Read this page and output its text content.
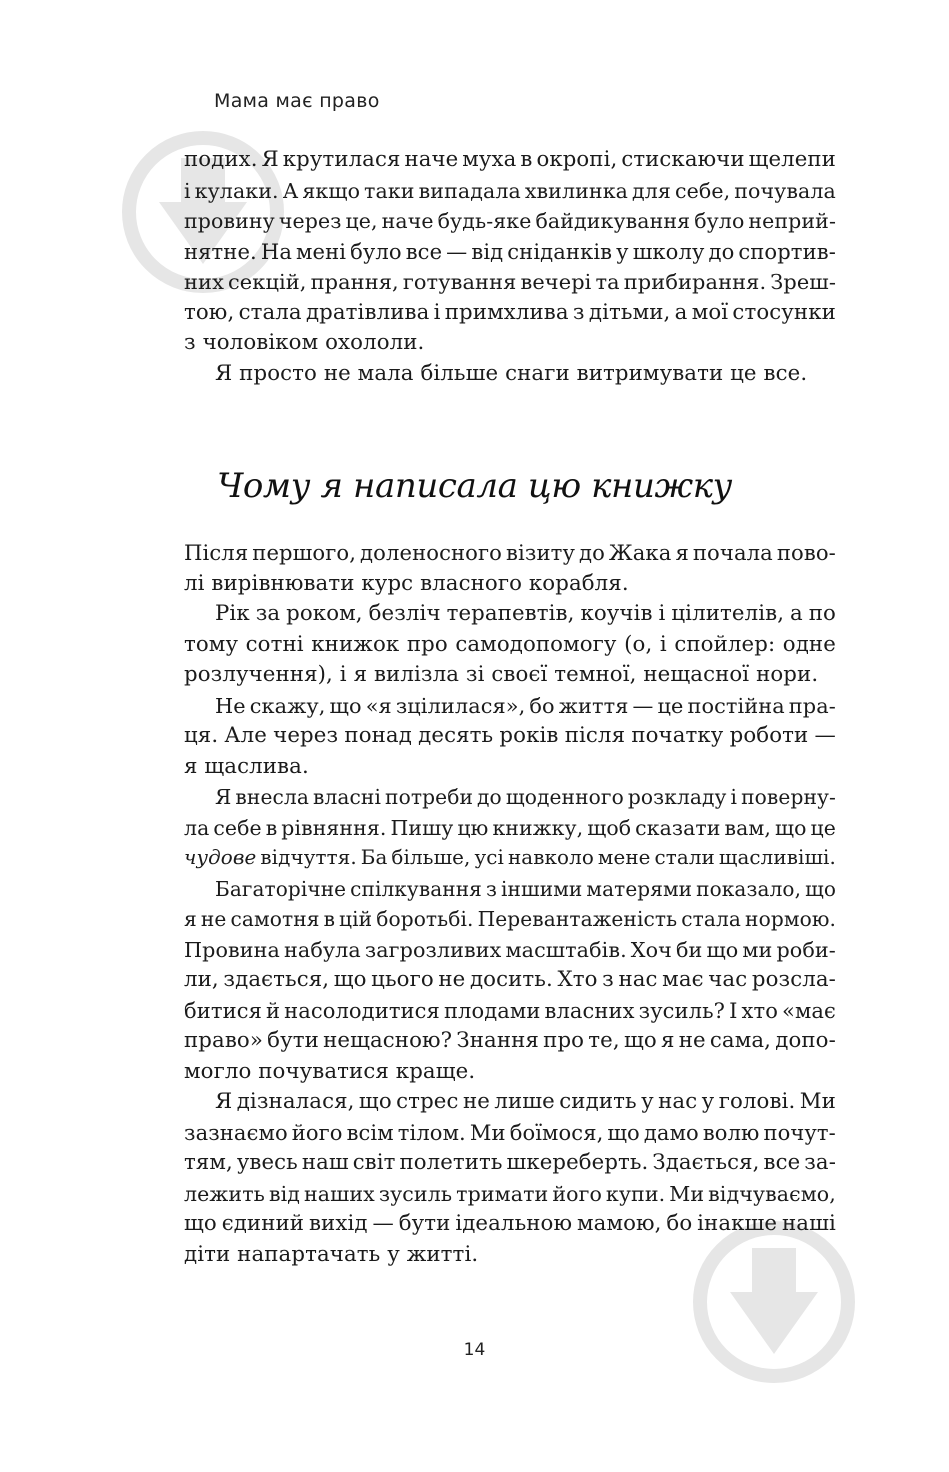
Мама має право
подих. Я крутилася наче муха в окропі, стискаючи щелепи
і кулаки. А якщо таки випадала хвилинка для себе, почувала
провину через це, наче будь-яке байдикування було неприй-
нятне. На мені було все — від сніданків у школу до спортив-
них секцій, прання, готування вечері та прибирання. Зреш-
тою, стала дратівлива і примхлива з дітьми, а мої стосунки
з чоловіком охололи.
Я просто не мала більше снаги витримувати це все.
Чому я написала цю книжку
Після першого, доленосного візиту до Жака я почала пово-
лі вирівнювати курс власного корабля.
Рік за роком, безліч терапевтів, коучів і цілителів, а по
тому сотні книжок про самодопомогу (о, і спойлер: одне
розлучення), і я вилізла зі своєї темної, нещасної нори.
Не скажу, що «я зцілилася», бо життя — це постійна пра-
ця. Але через понад десять років після початку роботи —
я щаслива.
Я внесла власні потреби до щоденного розкладу і поверну-
ла себе в рівняння. Пишу цю книжку, щоб сказати вам, що це
чудове відчуття. Ба більше, усі навколо мене стали щасливіші.
Багаторічне спілкування з іншими матерями показало, що
я не самотня в цій боротьбі. Перевантаженість стала нормою.
Провина набула загрозливих масштабів. Хоч би що ми роби-
ли, здається, що цього не досить. Хто з нас має час розсла-
битися й насолодитися плодами власних зусиль? І хто «має
право» бути нещасною? Знання про те, що я не сама, допо-
могло почуватися краще.
Я дізналася, що стрес не лише сидить у нас у голові. Ми
зазнаємо його всім тілом. Ми боїмося, що дамо волю почут-
тям, увесь наш світ полетить шкереберть. Здається, все за-
лежить від наших зусиль тримати його купи. Ми відчуваємо,
що єдиний вихід — бути ідеальною мамою, бо інакше наші
діти напартачать у житті.
14
